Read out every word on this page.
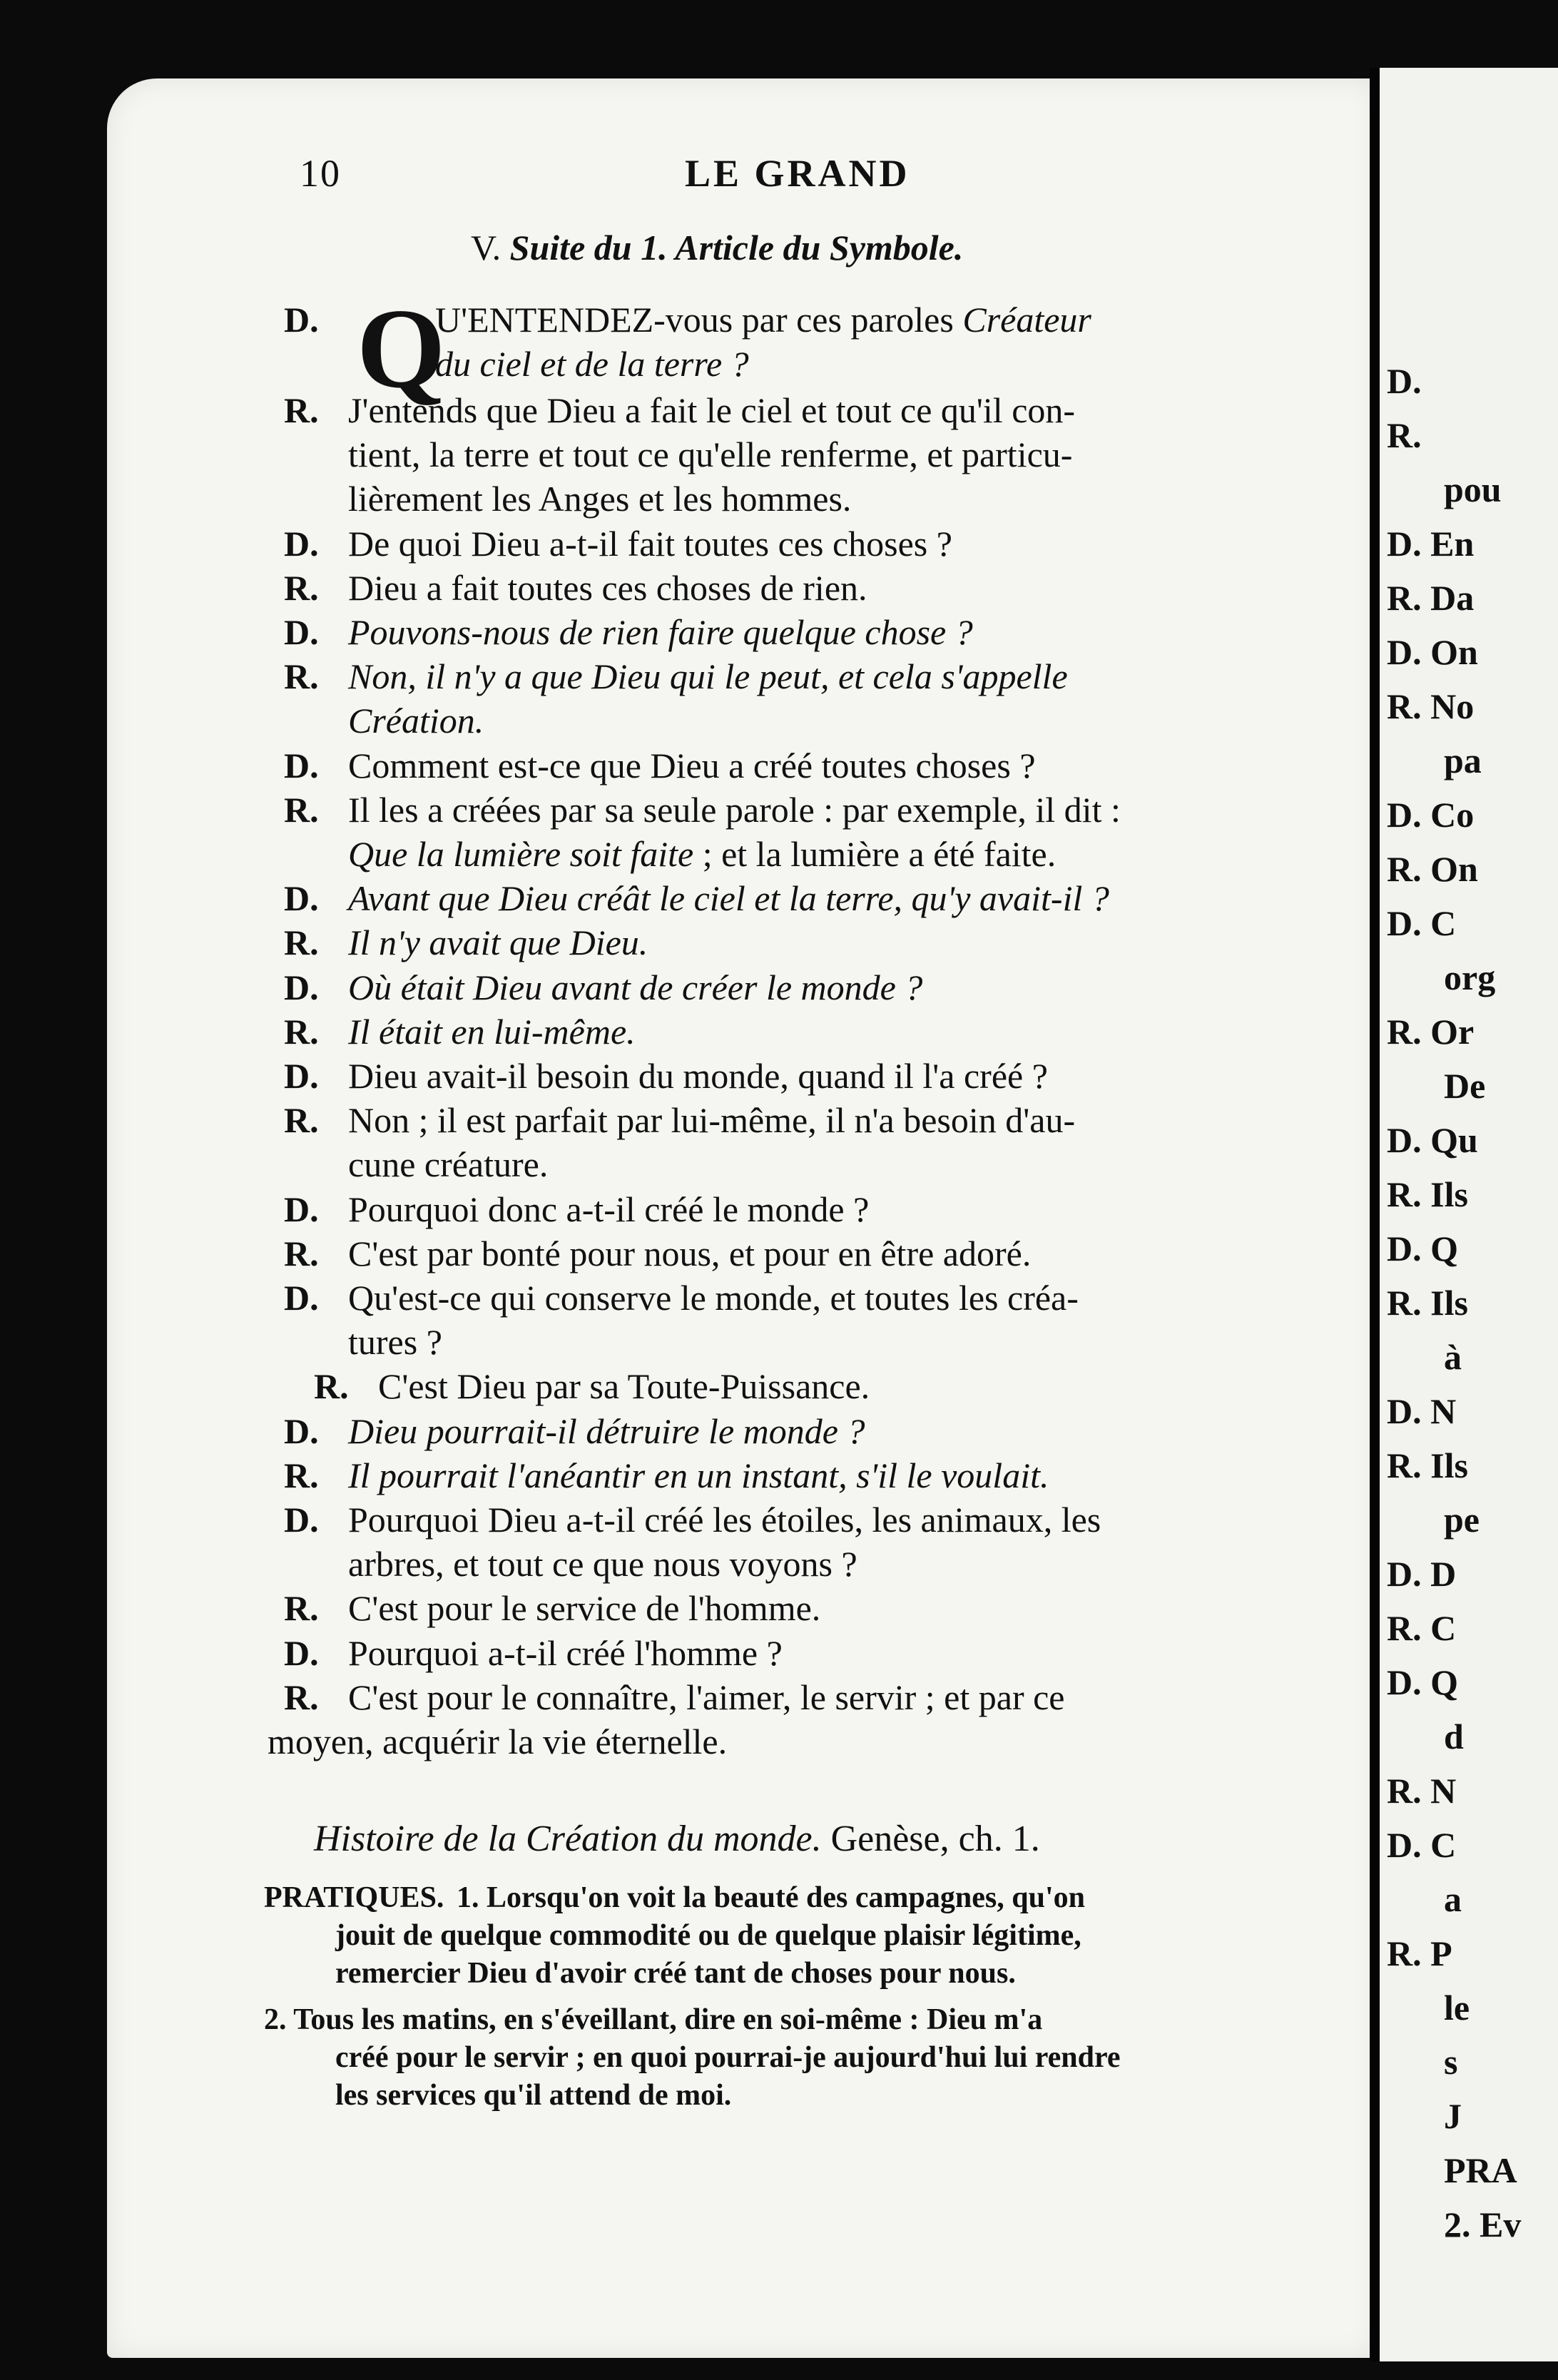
D.
R.
pou
D. En
R. Da
D. On
R. No
pa
D. Co
R. On
D. C
org
R. Or
De
D. Qu
R. Ils
D. Q
R. Ils
à
D. N
R. Ils
pe
D. D
R. C
D. Q
d
R. N
D. C
a
R. P
le
s
J
PRA
2. Ev
10	LE GRAND
V. Suite du 1. Article du Symbole.
D. Q
U'ENTENDEZ-vous par ces paroles Créateur
du ciel et de la terre ?
R. J'entends que Dieu a fait le ciel et tout ce qu'il con-
tient, la terre et tout ce qu'elle renferme, et particu-
lièrement les Anges et les hommes.
D. De quoi Dieu a-t-il fait toutes ces choses ?
R. Dieu a fait toutes ces choses de rien.
D. Pouvons-nous de rien faire quelque chose ?
R. Non, il n'y a que Dieu qui le peut, et cela s'appelle
Création.
D. Comment est-ce que Dieu a créé toutes choses ?
R. Il les a créées par sa seule parole : par exemple, il dit :
Que la lumière soit faite ; et la lumière a été faite.
D. Avant que Dieu créât le ciel et la terre, qu'y avait-il ?
R. Il n'y avait que Dieu.
D. Où était Dieu avant de créer le monde ?
R. Il était en lui-même.
D. Dieu avait-il besoin du monde, quand il l'a créé ?
R. Non ; il est parfait par lui-même, il n'a besoin d'au-
cune créature.
D. Pourquoi donc a-t-il créé le monde ?
R. C'est par bonté pour nous, et pour en être adoré.
D. Qu'est-ce qui conserve le monde, et toutes les créa-
tures ?
R. C'est Dieu par sa Toute-Puissance.
D. Dieu pourrait-il détruire le monde ?
R. Il pourrait l'anéantir en un instant, s'il le voulait.
D. Pourquoi Dieu a-t-il créé les étoiles, les animaux, les
arbres, et tout ce que nous voyons ?
R. C'est pour le service de l'homme.
D. Pourquoi a-t-il créé l'homme ?
R. C'est pour le connaître, l'aimer, le servir ; et par ce
moyen, acquérir la vie éternelle.
Histoire de la Création du monde. Genèse, ch. 1.
PRATIQUES. 1. Lorsqu'on voit la beauté des campagnes, qu'on
jouit de quelque commodité ou de quelque plaisir légitime,
remercier Dieu d'avoir créé tant de choses pour nous.
2. Tous les matins, en s'éveillant, dire en soi-même : Dieu m'a
créé pour le servir ; en quoi pourrai-je aujourd'hui lui rendre
les services qu'il attend de moi.
